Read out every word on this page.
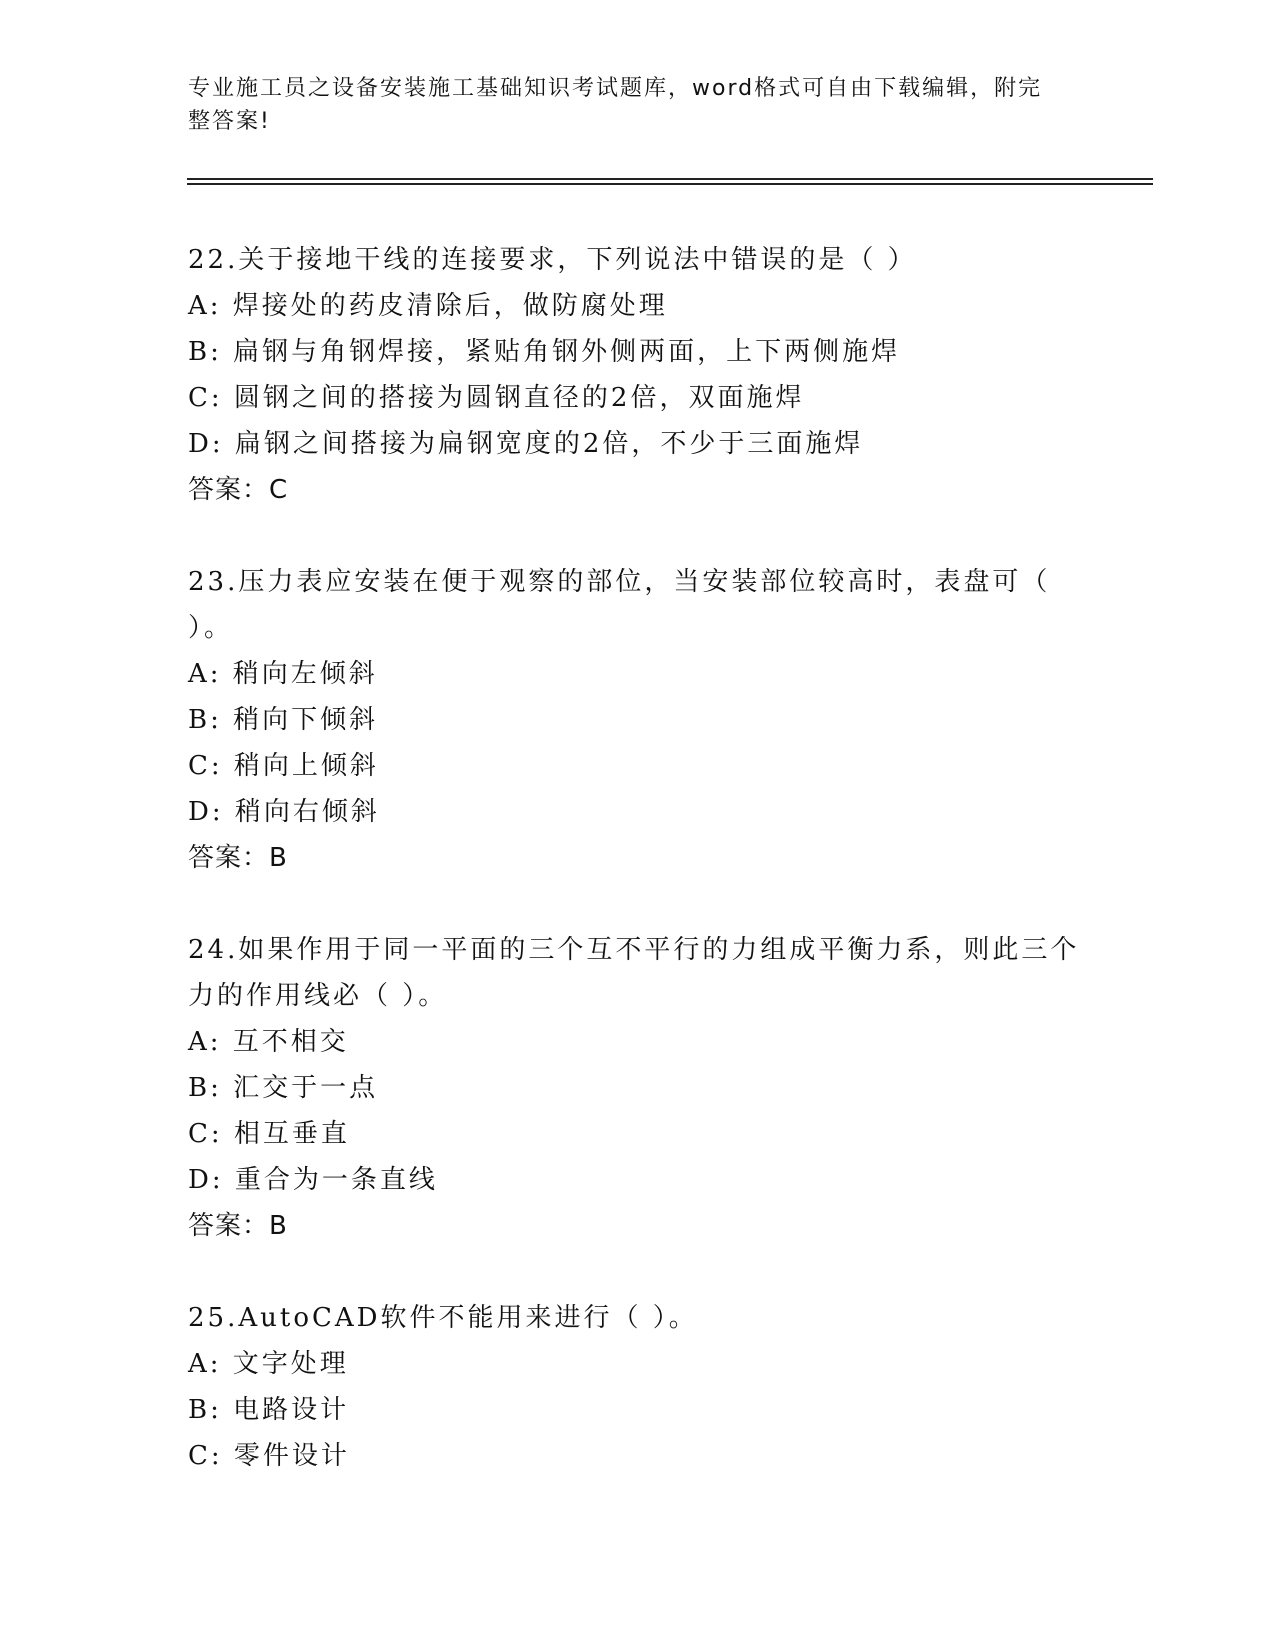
专业施工员之设备安装施工基础知识考试题库，word格式可自由下载编辑，附完
整答案!
22.关于接地干线的连接要求，下列说法中错误的是（ ）
A: 焊接处的药皮清除后，做防腐处理
B: 扁钢与角钢焊接，紧贴角钢外侧两面，上下两侧施焊
C: 圆钢之间的搭接为圆钢直径的2倍，双面施焊
D: 扁钢之间搭接为扁钢宽度的2倍，不少于三面施焊
答案：C
23.压力表应安装在便于观察的部位，当安装部位较高时，表盘可（
）。
A: 稍向左倾斜
B: 稍向下倾斜
C: 稍向上倾斜
D: 稍向右倾斜
答案：B
24.如果作用于同一平面的三个互不平行的力组成平衡力系，则此三个
力的作用线必（ ）。
A: 互不相交
B: 汇交于一点
C: 相互垂直
D: 重合为一条直线
答案：B
25.AutoCAD软件不能用来进行（ ）。
A: 文字处理
B: 电路设计
C: 零件设计
